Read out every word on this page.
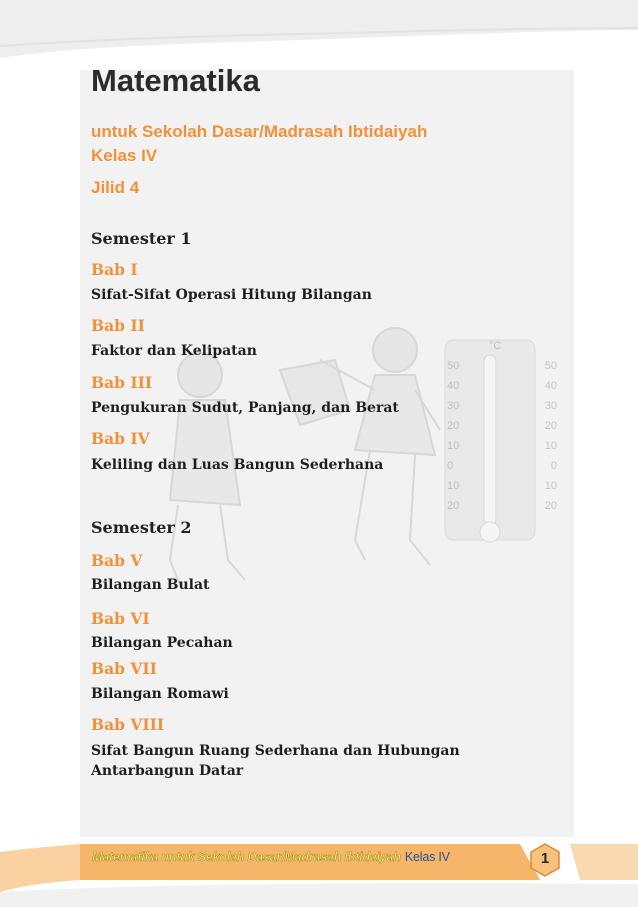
°C
50	50
40	40
30	30
20	20
10	10
0	0
10	10
20	20
Matematika

untuk Sekolah Dasar/Madrasah Ibtidaiyah

Kelas IV

Jilid 4

Semester 1

Bab I

Sifat-Sifat Operasi Hitung Bilangan

Bab II

Faktor dan Kelipatan

Bab III

Pengukuran Sudut, Panjang, dan Berat

Bab IV

Keliling dan Luas Bangun Sederhana

Semester 2

Bab V

Bilangan Bulat

Bab VI

Bilangan Pecahan

Bab VII

Bilangan Romawi

Bab VIII

Sifat Bangun Ruang Sederhana dan Hubungan Antarbangun Datar

Matematika untuk Sekolah Dasar/Madrasah Ibtidaiyah Kelas IV	1
